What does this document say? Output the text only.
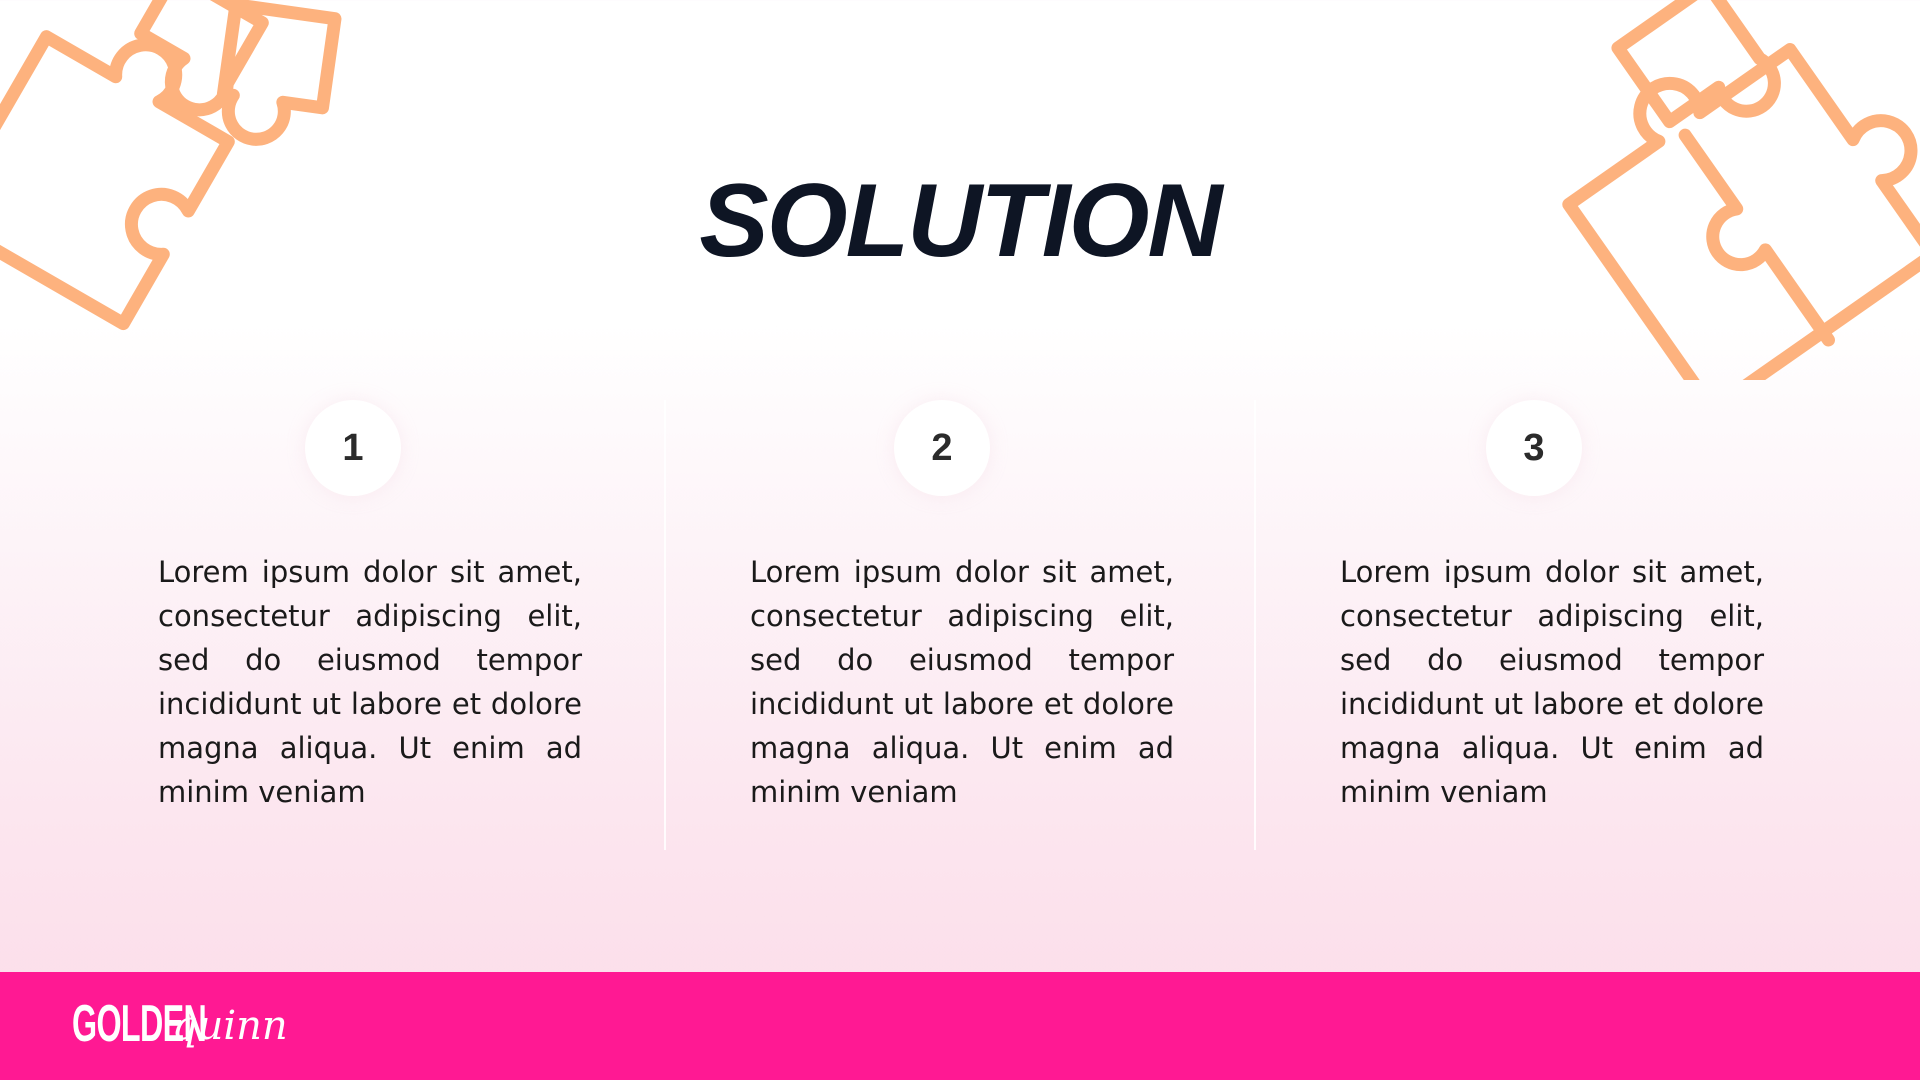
SOLUTION
1

Lorem ipsum dolor sit amet, consectetur adipiscing elit, sed do eiusmod tempor incididunt ut labore et dolore magna aliqua. Ut enim ad minim veniam

2

Lorem ipsum dolor sit amet, consectetur adipiscing elit, sed do eiusmod tempor incididunt ut labore et dolore magna aliqua. Ut enim ad minim veniam

3

Lorem ipsum dolor sit amet, consectetur adipiscing elit, sed do eiusmod tempor incididunt ut labore et dolore magna aliqua. Ut enim ad minim veniam

GOLDEN
quinn
